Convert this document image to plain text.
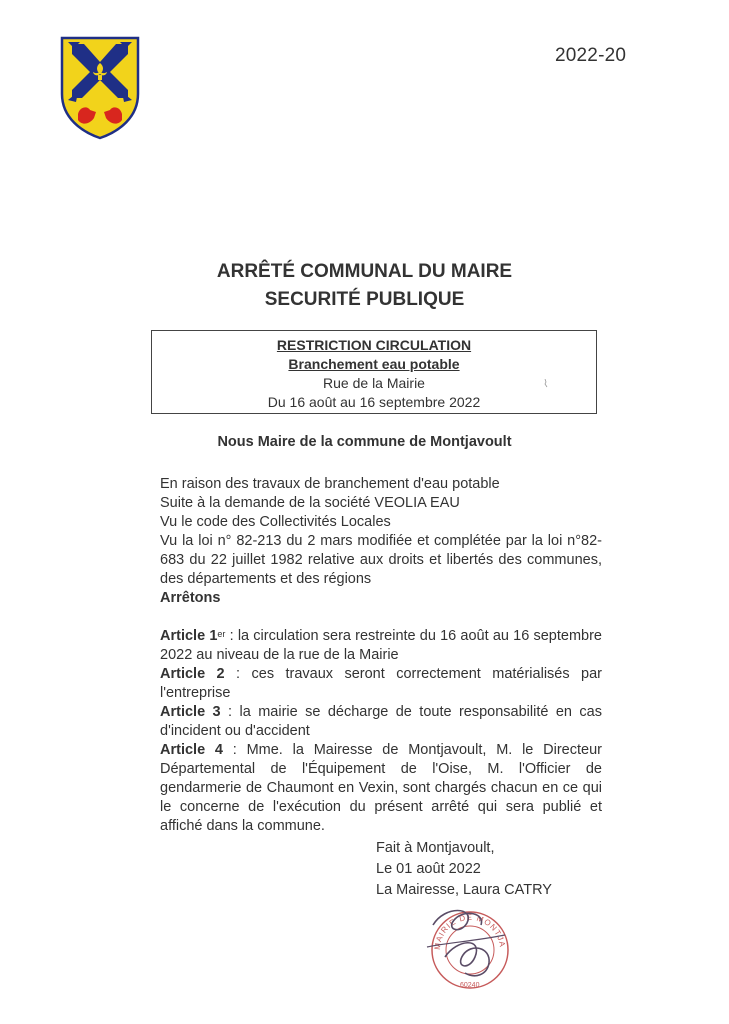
2022-20
ARRÊTÉ COMMUNAL DU MAIRE
SECURITÉ PUBLIQUE
RESTRICTION CIRCULATION
Branchement eau potable
Rue de la Mairie
Du 16 août au 16 septembre 2022
Nous Maire de la commune de Montjavoult

En raison des travaux de branchement d'eau potable

Suite à la demande de la société VEOLIA EAU

Vu le code des Collectivités Locales

Vu la loi n° 82-213 du 2 mars modifiée et complétée par la loi n°82-683 du 22 juillet 1982 relative aux droits et libertés des communes, des départements et des régions

Arrêtons

Article 1er : la circulation sera restreinte du 16 août au 16 septembre 2022 au niveau de la rue de la Mairie

Article 2 : ces travaux seront correctement matérialisés par l'entreprise

Article 3 : la mairie se décharge de toute responsabilité en cas d'incident ou d'accident

Article 4 : Mme. la Mairesse de Montjavoult, M. le Directeur Départemental de l'Équipement de l'Oise, M. l'Officier de gendarmerie de Chaumont en Vexin, sont chargés chacun en ce qui le concerne de l'exécution du présent arrêté qui sera publié et affiché dans la commune.

Fait à Montjavoult,
Le 01 août 2022
La Mairesse, Laura CATRY
MAIRIE DE MONTJA
60240
